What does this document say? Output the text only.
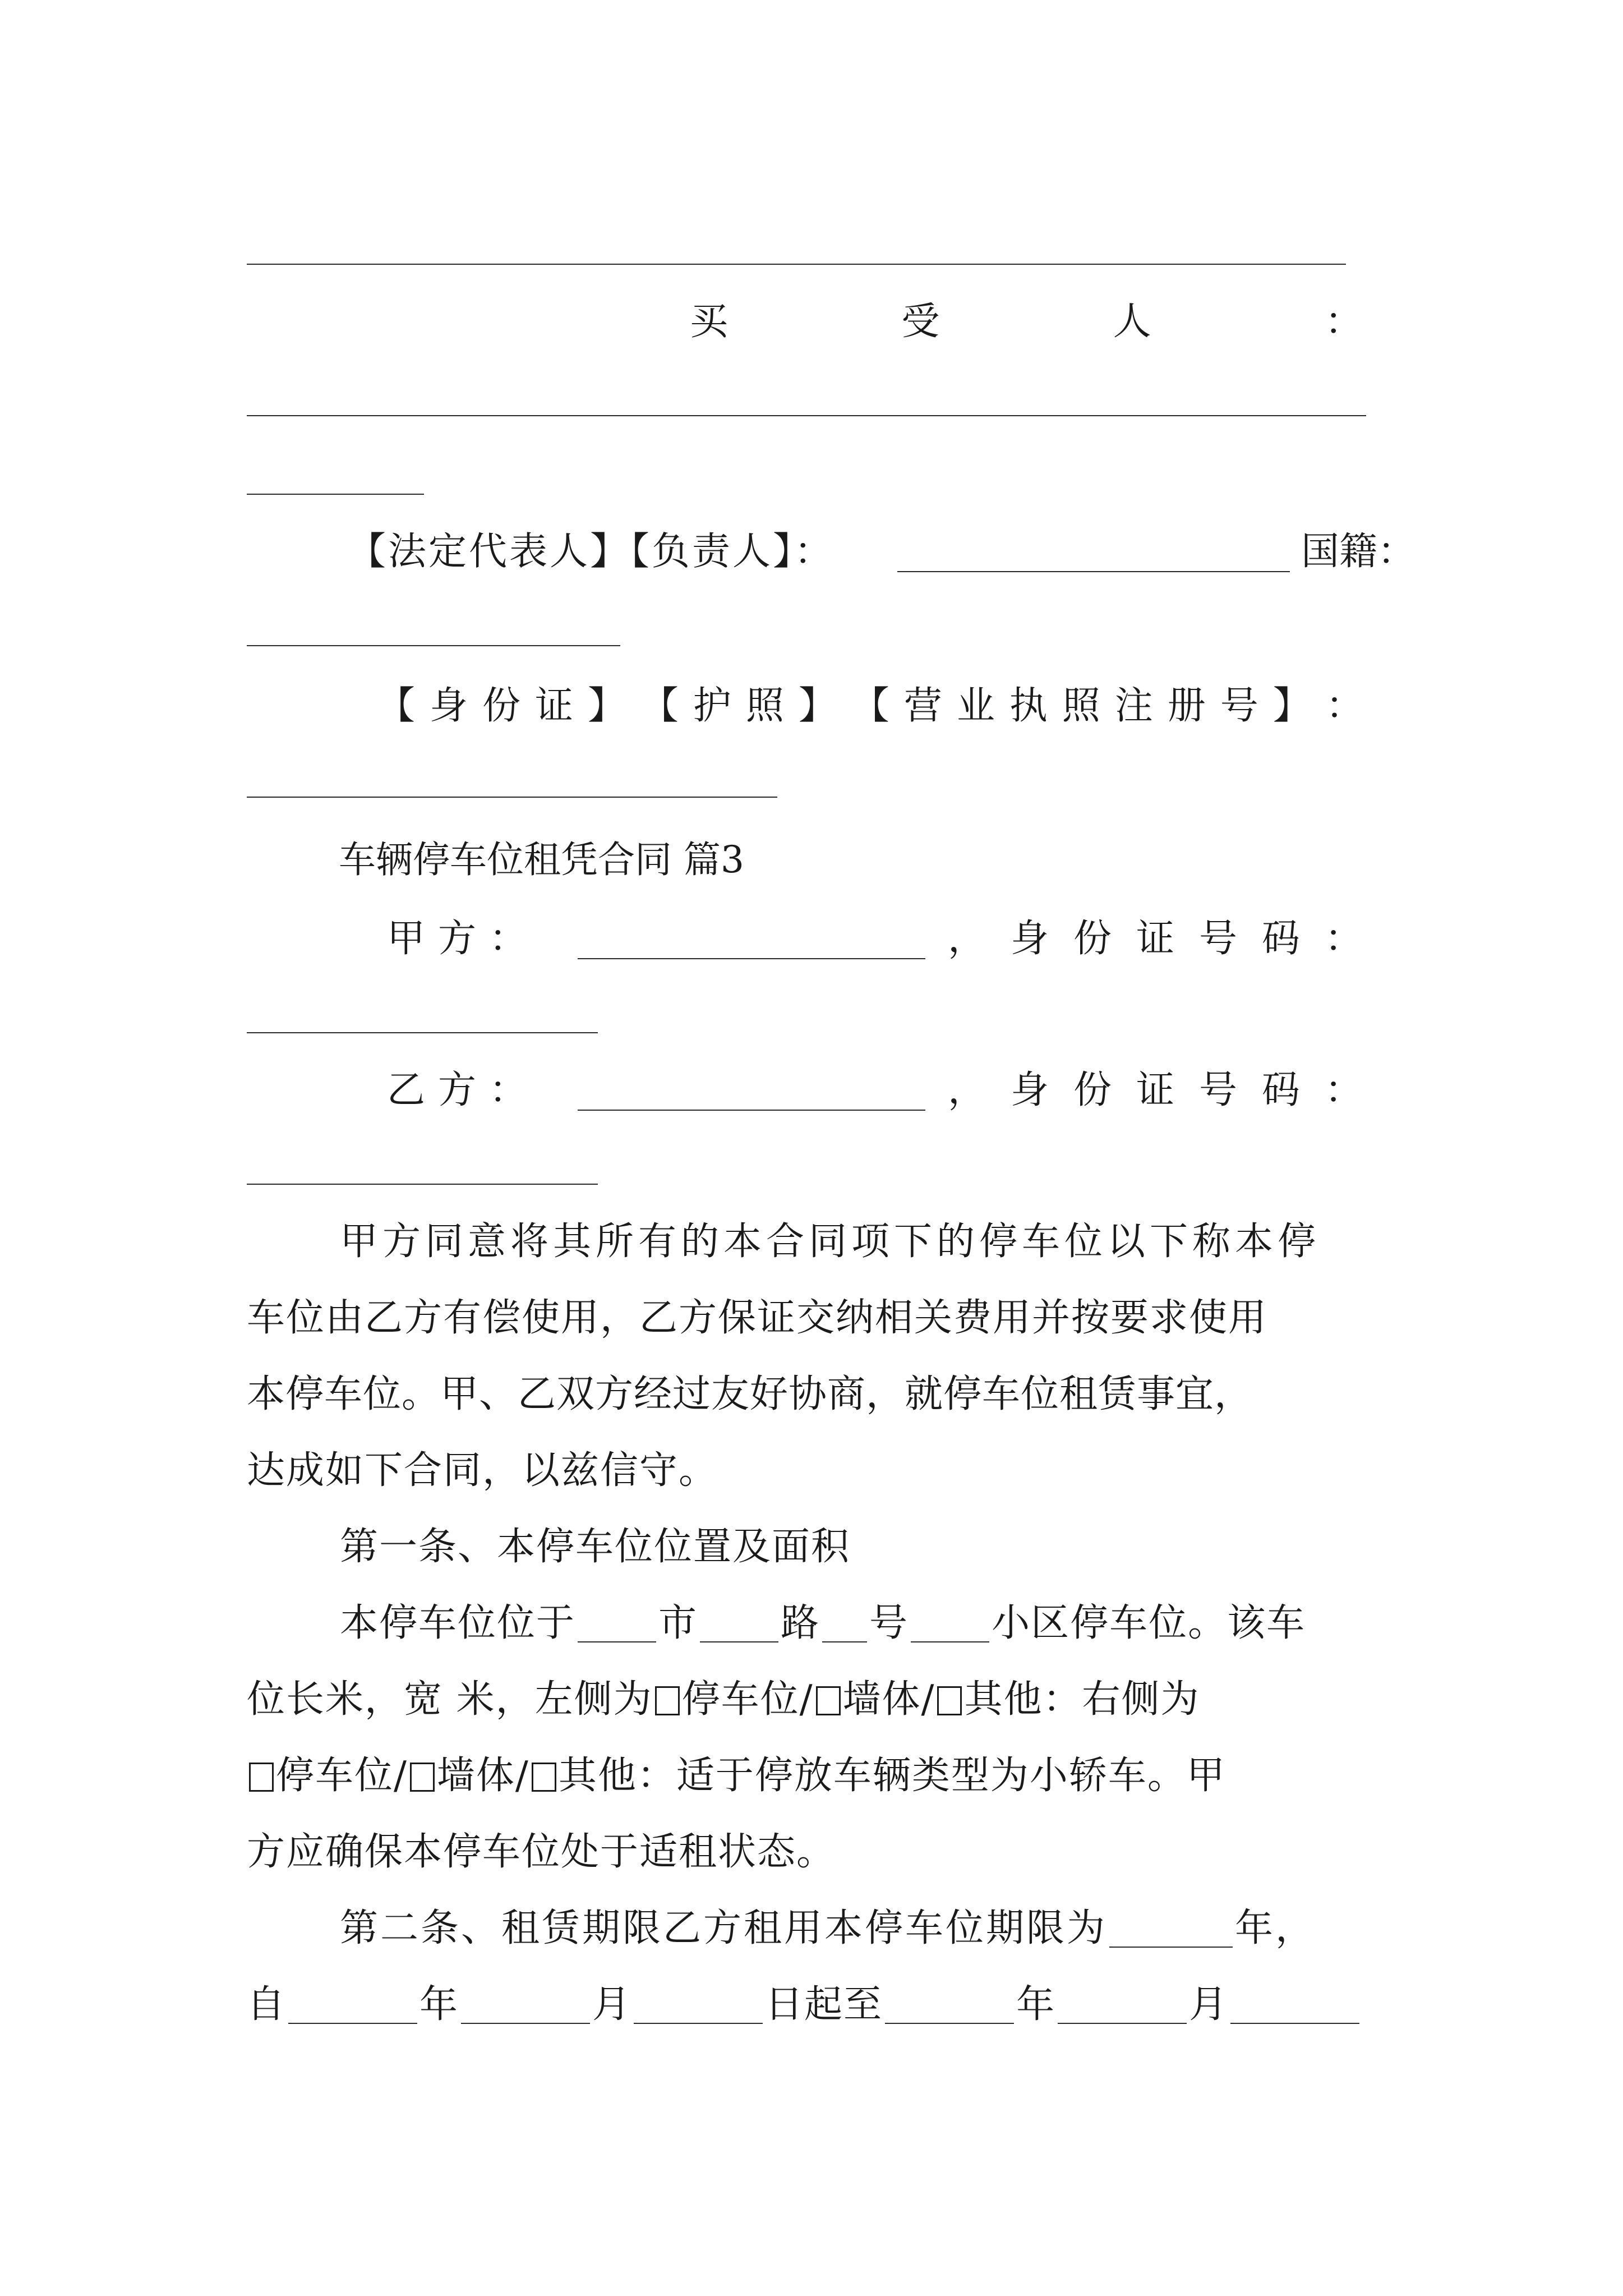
买	受	人	：
【法定代表人】【负责人】：	国籍：
【 身 份 证 】 【 护 照 】 【 营 业 执 照 注 册 号 】 ：
车辆停车位租凭合同 篇3
甲 方 ：	， 身 份 证 号 码 ：
乙 方 ：	， 身 份 证 号 码 ：
甲方同意将其所有的本合同项下的停车位以下称本停
车位由乙方有偿使用，乙方保证交纳相关费用并按要求使用
本停车位。甲、乙双方经过友好协商，就停车位租赁事宜，
达成如下合同，以兹信守。
第一条、本停车位位置及面积
本停车位位于 市 路 号 小区停车位。该车
位长米，宽 米，左侧为 停车位/ 墙体/ 其他：右侧为
停车位/ 墙体/ 其他：适于停放车辆类型为小轿车。甲
方应确保本停车位处于适租状态。
第二条、租赁期限乙方租用本停车位期限为	年，
自	年	月	日起至	年	月
